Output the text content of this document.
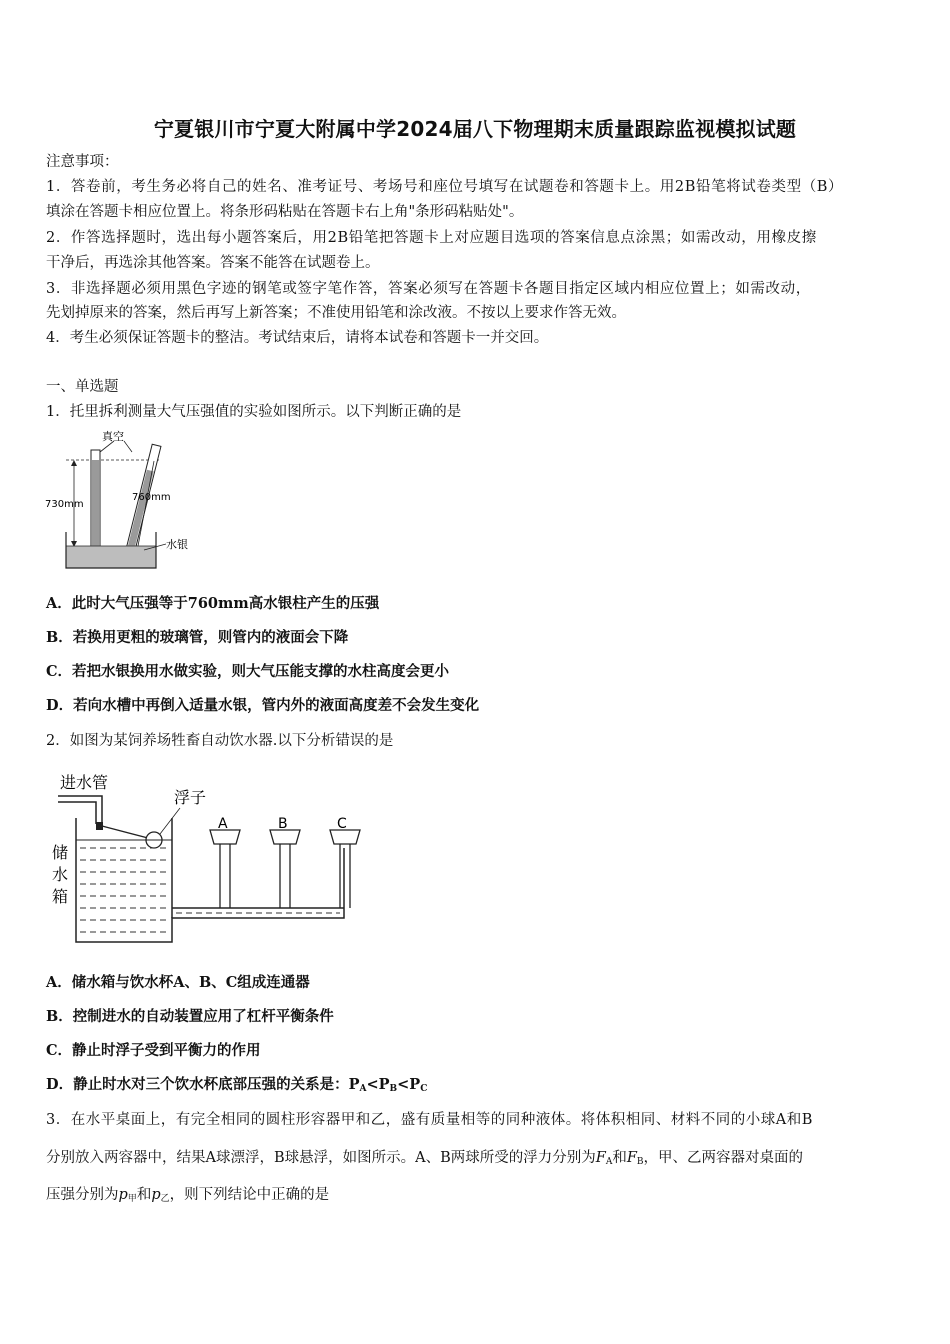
宁夏银川市宁夏大附属中学2024届八下物理期末质量跟踪监视模拟试题
注意事项：
1．答卷前，考生务必将自己的姓名、准考证号、考场号和座位号填写在试题卷和答题卡上。用2B铅笔将试卷类型（B）
填涂在答题卡相应位置上。将条形码粘贴在答题卡右上角"条形码粘贴处"。
2．作答选择题时，选出每小题答案后，用2B铅笔把答题卡上对应题目选项的答案信息点涂黑；如需改动，用橡皮擦
干净后，再选涂其他答案。答案不能答在试题卷上。
3．非选择题必须用黑色字迹的钢笔或签字笔作答，答案必须写在答题卡各题目指定区域内相应位置上；如需改动，
先划掉原来的答案，然后再写上新答案；不准使用铅笔和涂改液。不按以上要求作答无效。
4．考生必须保证答题卡的整洁。考试结束后，请将本试卷和答题卡一并交回。
一、单选题
1．托里拆利测量大气压强值的实验如图所示。以下判断正确的是
真空
730mm
760mm
水银
A．此时大气压强等于760mm高水银柱产生的压强
B．若换用更粗的玻璃管，则管内的液面会下降
C．若把水银换用水做实验，则大气压能支撑的水柱高度会更小
D．若向水槽中再倒入适量水银，管内外的液面高度差不会发生变化
2．如图为某饲养场牲畜自动饮水器.以下分析错误的是
进水管
浮子
储
水
箱
A	B	C
A．储水箱与饮水杯A、B、C组成连通器
B．控制进水的自动装置应用了杠杆平衡条件
C．静止时浮子受到平衡力的作用
D．静止时水对三个饮水杯底部压强的关系是：$P_A<P_B<P_C$
3．在水平桌面上，有完全相同的圆柱形容器甲和乙，盛有质量相等的同种液体。将体积相同、材料不同的小球A和B
分别放入两容器中，结果A球漂浮，B球悬浮，如图所示。A、B两球所受的浮力分别为$F_A$和$F_B$，甲、乙两容器对桌面的
压强分别为$p_甲$和$p_乙$，则下列结论中正确的是
